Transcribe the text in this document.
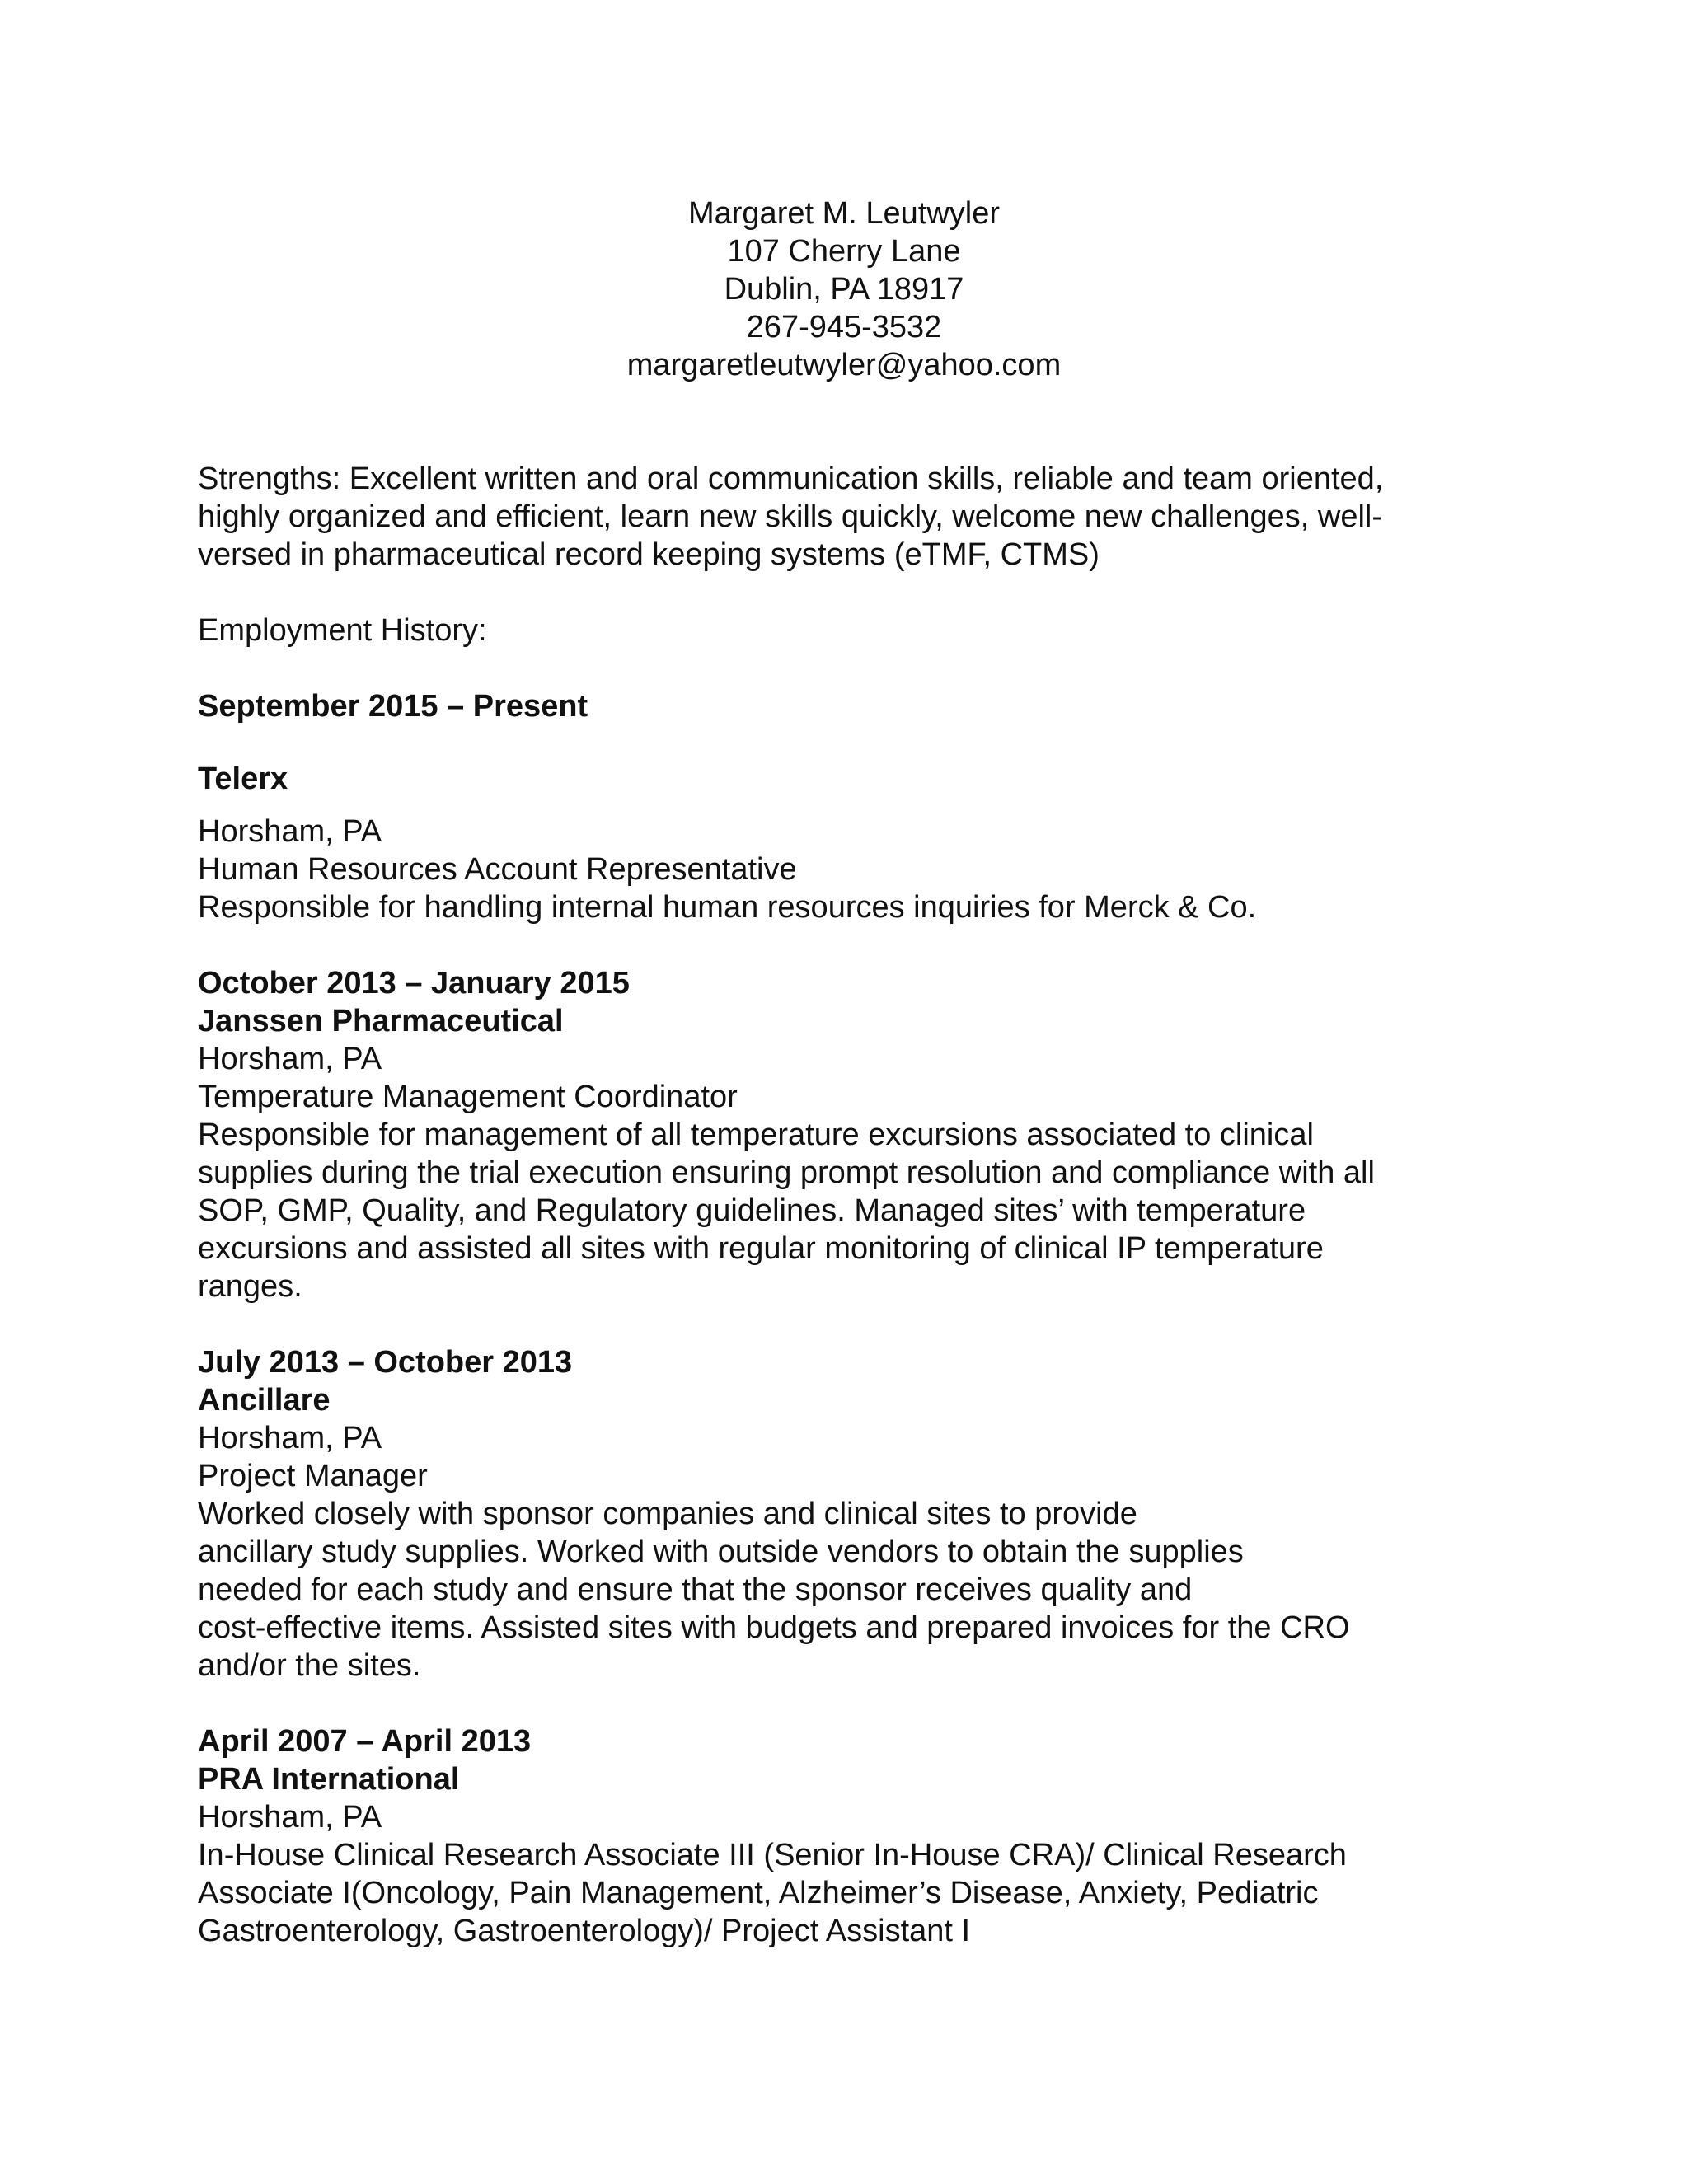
Margaret M. Leutwyler
107 Cherry Lane
Dublin, PA 18917
267-945-3532
margaretleutwyler@yahoo.com
Strengths: Excellent written and oral communication skills, reliable and team oriented,
highly organized and efficient, learn new skills quickly, welcome new challenges, well-
versed in pharmaceutical record keeping systems (eTMF, CTMS)
Employment History:
September 2015 – Present
Telerx
Horsham, PA
Human Resources Account Representative
Responsible for handling internal human resources inquiries for Merck & Co.
October 2013 – January 2015
Janssen Pharmaceutical
Horsham, PA
Temperature Management Coordinator
Responsible for management of all temperature excursions associated to clinical
supplies during the trial execution ensuring prompt resolution and compliance with all
SOP, GMP, Quality, and Regulatory guidelines. Managed sites’ with temperature
excursions and assisted all sites with regular monitoring of clinical IP temperature
ranges.
July 2013 – October 2013
Ancillare
Horsham, PA
Project Manager
Worked closely with sponsor companies and clinical sites to provide
ancillary study supplies. Worked with outside vendors to obtain the supplies
needed for each study and ensure that the sponsor receives quality and
cost-effective items. Assisted sites with budgets and prepared invoices for the CRO
and/or the sites.
April 2007 – April 2013
PRA International
Horsham, PA
In-House Clinical Research Associate III (Senior In-House CRA)/ Clinical Research
Associate I(Oncology, Pain Management, Alzheimer’s Disease, Anxiety, Pediatric
Gastroenterology, Gastroenterology)/ Project Assistant I
